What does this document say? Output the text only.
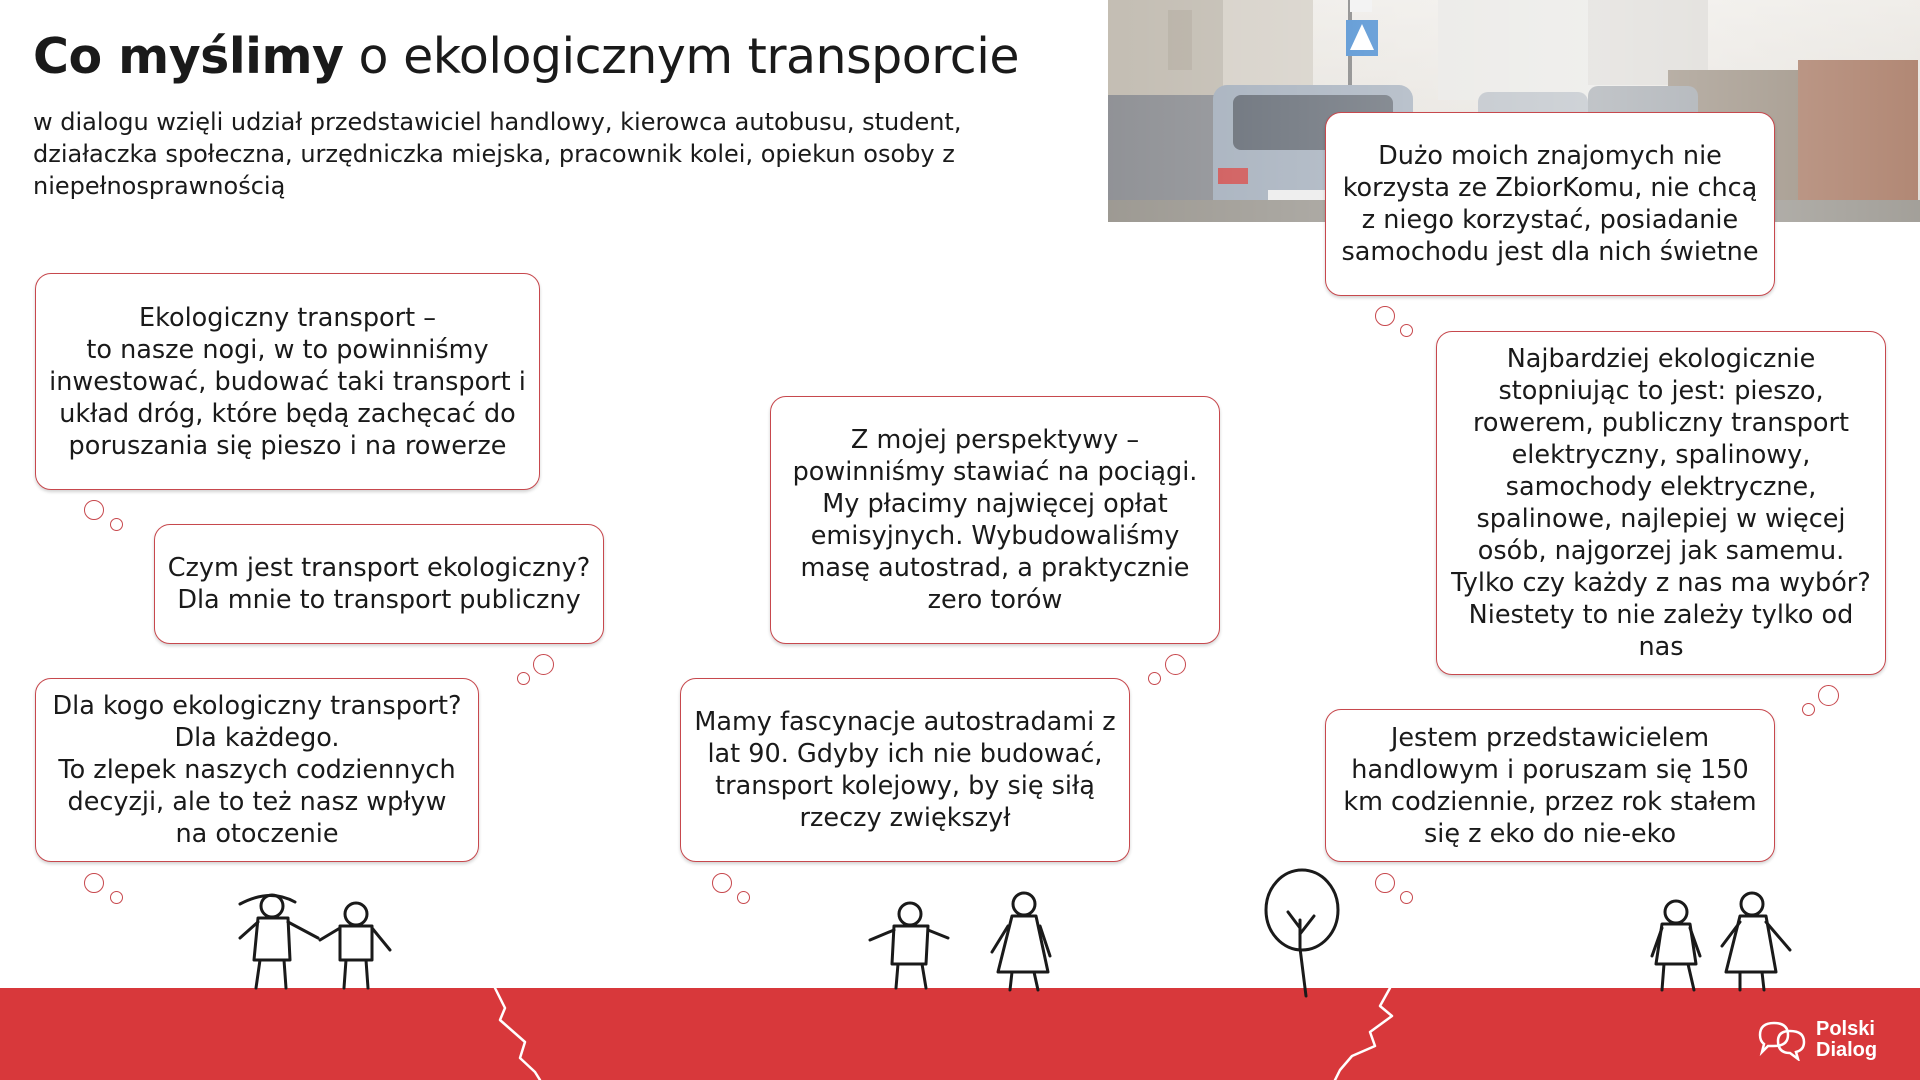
Co myślimy o ekologicznym transporcie

w dialogu wzięli udział przedstawiciel handlowy, kierowca autobusu, student, działaczka społeczna, urzędniczka miejska, pracownik kolei, opiekun osoby z niepełnosprawnością

Ekologiczny transport –
to nasze nogi, w to powinniśmy inwestować, budować taki transport i układ dróg, które będą zachęcać do poruszania się pieszo i na rowerze

Czym jest transport ekologiczny? Dla mnie to transport publiczny

Dla kogo ekologiczny transport? Dla każdego.
To zlepek naszych codziennych decyzji, ale to też nasz wpływ na otoczenie

Z mojej perspektywy – powinniśmy stawiać na pociągi. My płacimy najwięcej opłat emisyjnych. Wybudowaliśmy masę autostrad, a praktycznie zero torów

Mamy fascynacje autostradami z lat 90. Gdyby ich nie budować, transport kolejowy, by się siłą rzeczy zwiększył

Dużo moich znajomych nie korzysta ze ZbiorKomu, nie chcą z niego korzystać, posiadanie samochodu jest dla nich świetne

Najbardziej ekologicznie stopniując to jest: pieszo, rowerem, publiczny transport elektryczny, spalinowy, samochody elektryczne, spalinowe, najlepiej w więcej osób, najgorzej jak samemu. Tylko czy każdy z nas ma wybór? Niestety to nie zależy tylko od nas

Jestem przedstawicielem handlowym i poruszam się 150 km codziennie, przez rok stałem się z eko do nie-eko

Polski
Dialog
